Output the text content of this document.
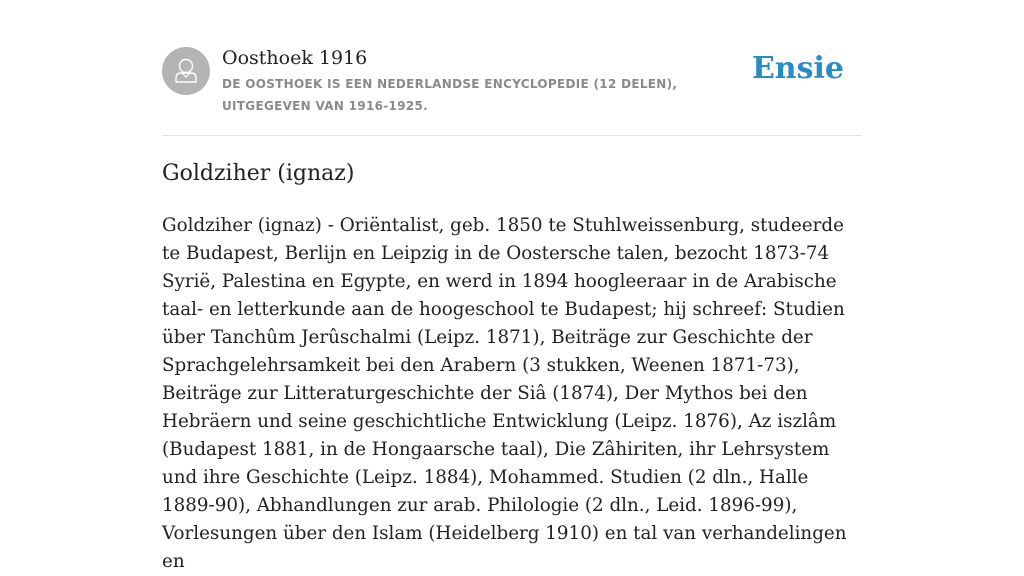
Oosthoek 1916
DE OOSTHOEK IS EEN NEDERLANDSE ENCYCLOPEDIE (12 DELEN), UITGEGEVEN VAN 1916-1925.
Ensie
Goldziher (ignaz)

Goldziher (ignaz) - Oriëntalist, geb. 1850 te Stuhlweissenburg, studeerde te Budapest, Berlijn en Leipzig in de Oostersche talen, bezocht 1873-74 Syrië, Palestina en Egypte, en werd in 1894 hoogleeraar in de Arabische taal- en letterkunde aan de hoogeschool te Budapest; hij schreef: Studien über Tanchûm Jerûschalmi (Leipz. 1871), Beiträge zur Geschichte der Sprachgelehrsamkeit bei den Arabern (3 stukken, Weenen 1871-73), Beiträge zur Litteraturgeschichte der Siâ (1874), Der Mythos bei den Hebräern und seine geschichtliche Entwicklung (Leipz. 1876), Az iszlâm (Budapest 1881, in de Hongaarsche taal), Die Zâhiriten, ihr Lehrsystem und ihre Geschichte (Leipz. 1884), Mohammed. Studien (2 dln., Halle 1889-90), Abhandlungen zur arab. Philologie (2 dln., Leid. 1896-99), Vorlesungen über den Islam (Heidelberg 1910) en tal van verhandelingen en
